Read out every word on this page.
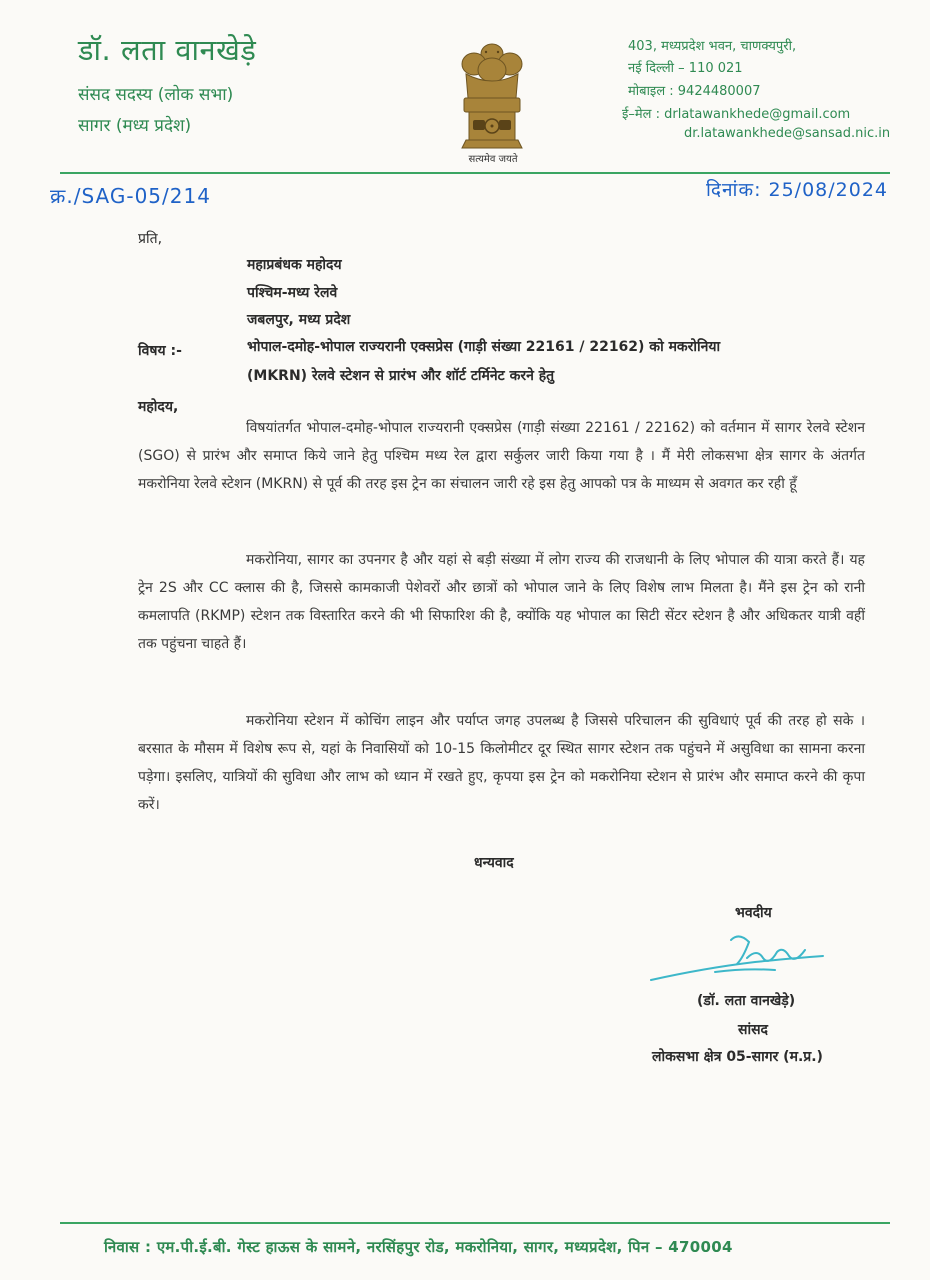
डॉ. लता वानखेड़े
संसद सदस्य (लोक सभा)
सागर (मध्य प्रदेश)
सत्यमेव जयते
403, मध्यप्रदेश भवन, चाणक्यपुरी,
नई दिल्ली – 110 021
मोबाइल : 9424480007
ई–मेल : drlatawankhede@gmail.com
dr.latawankhede@sansad.nic.in
क्र./SAG-05/214	दिनांक: 25/08/2024
प्रति,
महाप्रबंधक महोदय
पश्चिम-मध्य रेलवे
जबलपुर, मध्य प्रदेश
विषय :-	भोपाल-दमोह-भोपाल राज्यरानी एक्सप्रेस (गाड़ी संख्या 22161 / 22162) को मकरोनिया
(MKRN) रेलवे स्टेशन से प्रारंभ और शॉर्ट टर्मिनेट करने हेतु
महोदय,
विषयांतर्गत भोपाल-दमोह-भोपाल राज्यरानी एक्सप्रेस (गाड़ी संख्या 22161 / 22162) को वर्तमान में सागर रेलवे स्टेशन (SGO) से प्रारंभ और समाप्त किये जाने हेतु पश्चिम मध्य रेल द्वारा सर्कुलर जारी किया गया है । मैं मेरी लोकसभा क्षेत्र सागर के अंतर्गत मकरोनिया रेलवे स्टेशन (MKRN) से पूर्व की तरह इस ट्रेन का संचालन जारी रहे इस हेतु आपको पत्र के माध्यम से अवगत कर रही हूँ
मकरोनिया, सागर का उपनगर है और यहां से बड़ी संख्या में लोग राज्य की राजधानी के लिए भोपाल की यात्रा करते हैं। यह ट्रेन 2S और CC क्लास की है, जिससे कामकाजी पेशेवरों और छात्रों को भोपाल जाने के लिए विशेष लाभ मिलता है। मैंने इस ट्रेन को रानी कमलापति (RKMP) स्टेशन तक विस्तारित करने की भी सिफारिश की है, क्योंकि यह भोपाल का सिटी सेंटर स्टेशन है और अधिकतर यात्री वहीं तक पहुंचना चाहते हैं।
मकरोनिया स्टेशन में कोचिंग लाइन और पर्याप्त जगह उपलब्ध है जिससे परिचालन की सुविधाएं पूर्व की तरह हो सके । बरसात के मौसम में विशेष रूप से, यहां के निवासियों को 10-15 किलोमीटर दूर स्थित सागर स्टेशन तक पहुंचने में असुविधा का सामना करना पड़ेगा। इसलिए, यात्रियों की सुविधा और लाभ को ध्यान में रखते हुए, कृपया इस ट्रेन को मकरोनिया स्टेशन से प्रारंभ और समाप्त करने की कृपा करें।
धन्यवाद
भवदीय
(डॉ. लता वानखेड़े)
सांसद
लोकसभा क्षेत्र 05-सागर (म.प्र.)
निवास : एम.पी.ई.बी. गेस्ट हाऊस के सामने, नरसिंहपुर रोड, मकरोनिया, सागर, मध्यप्रदेश, पिन – 470004
